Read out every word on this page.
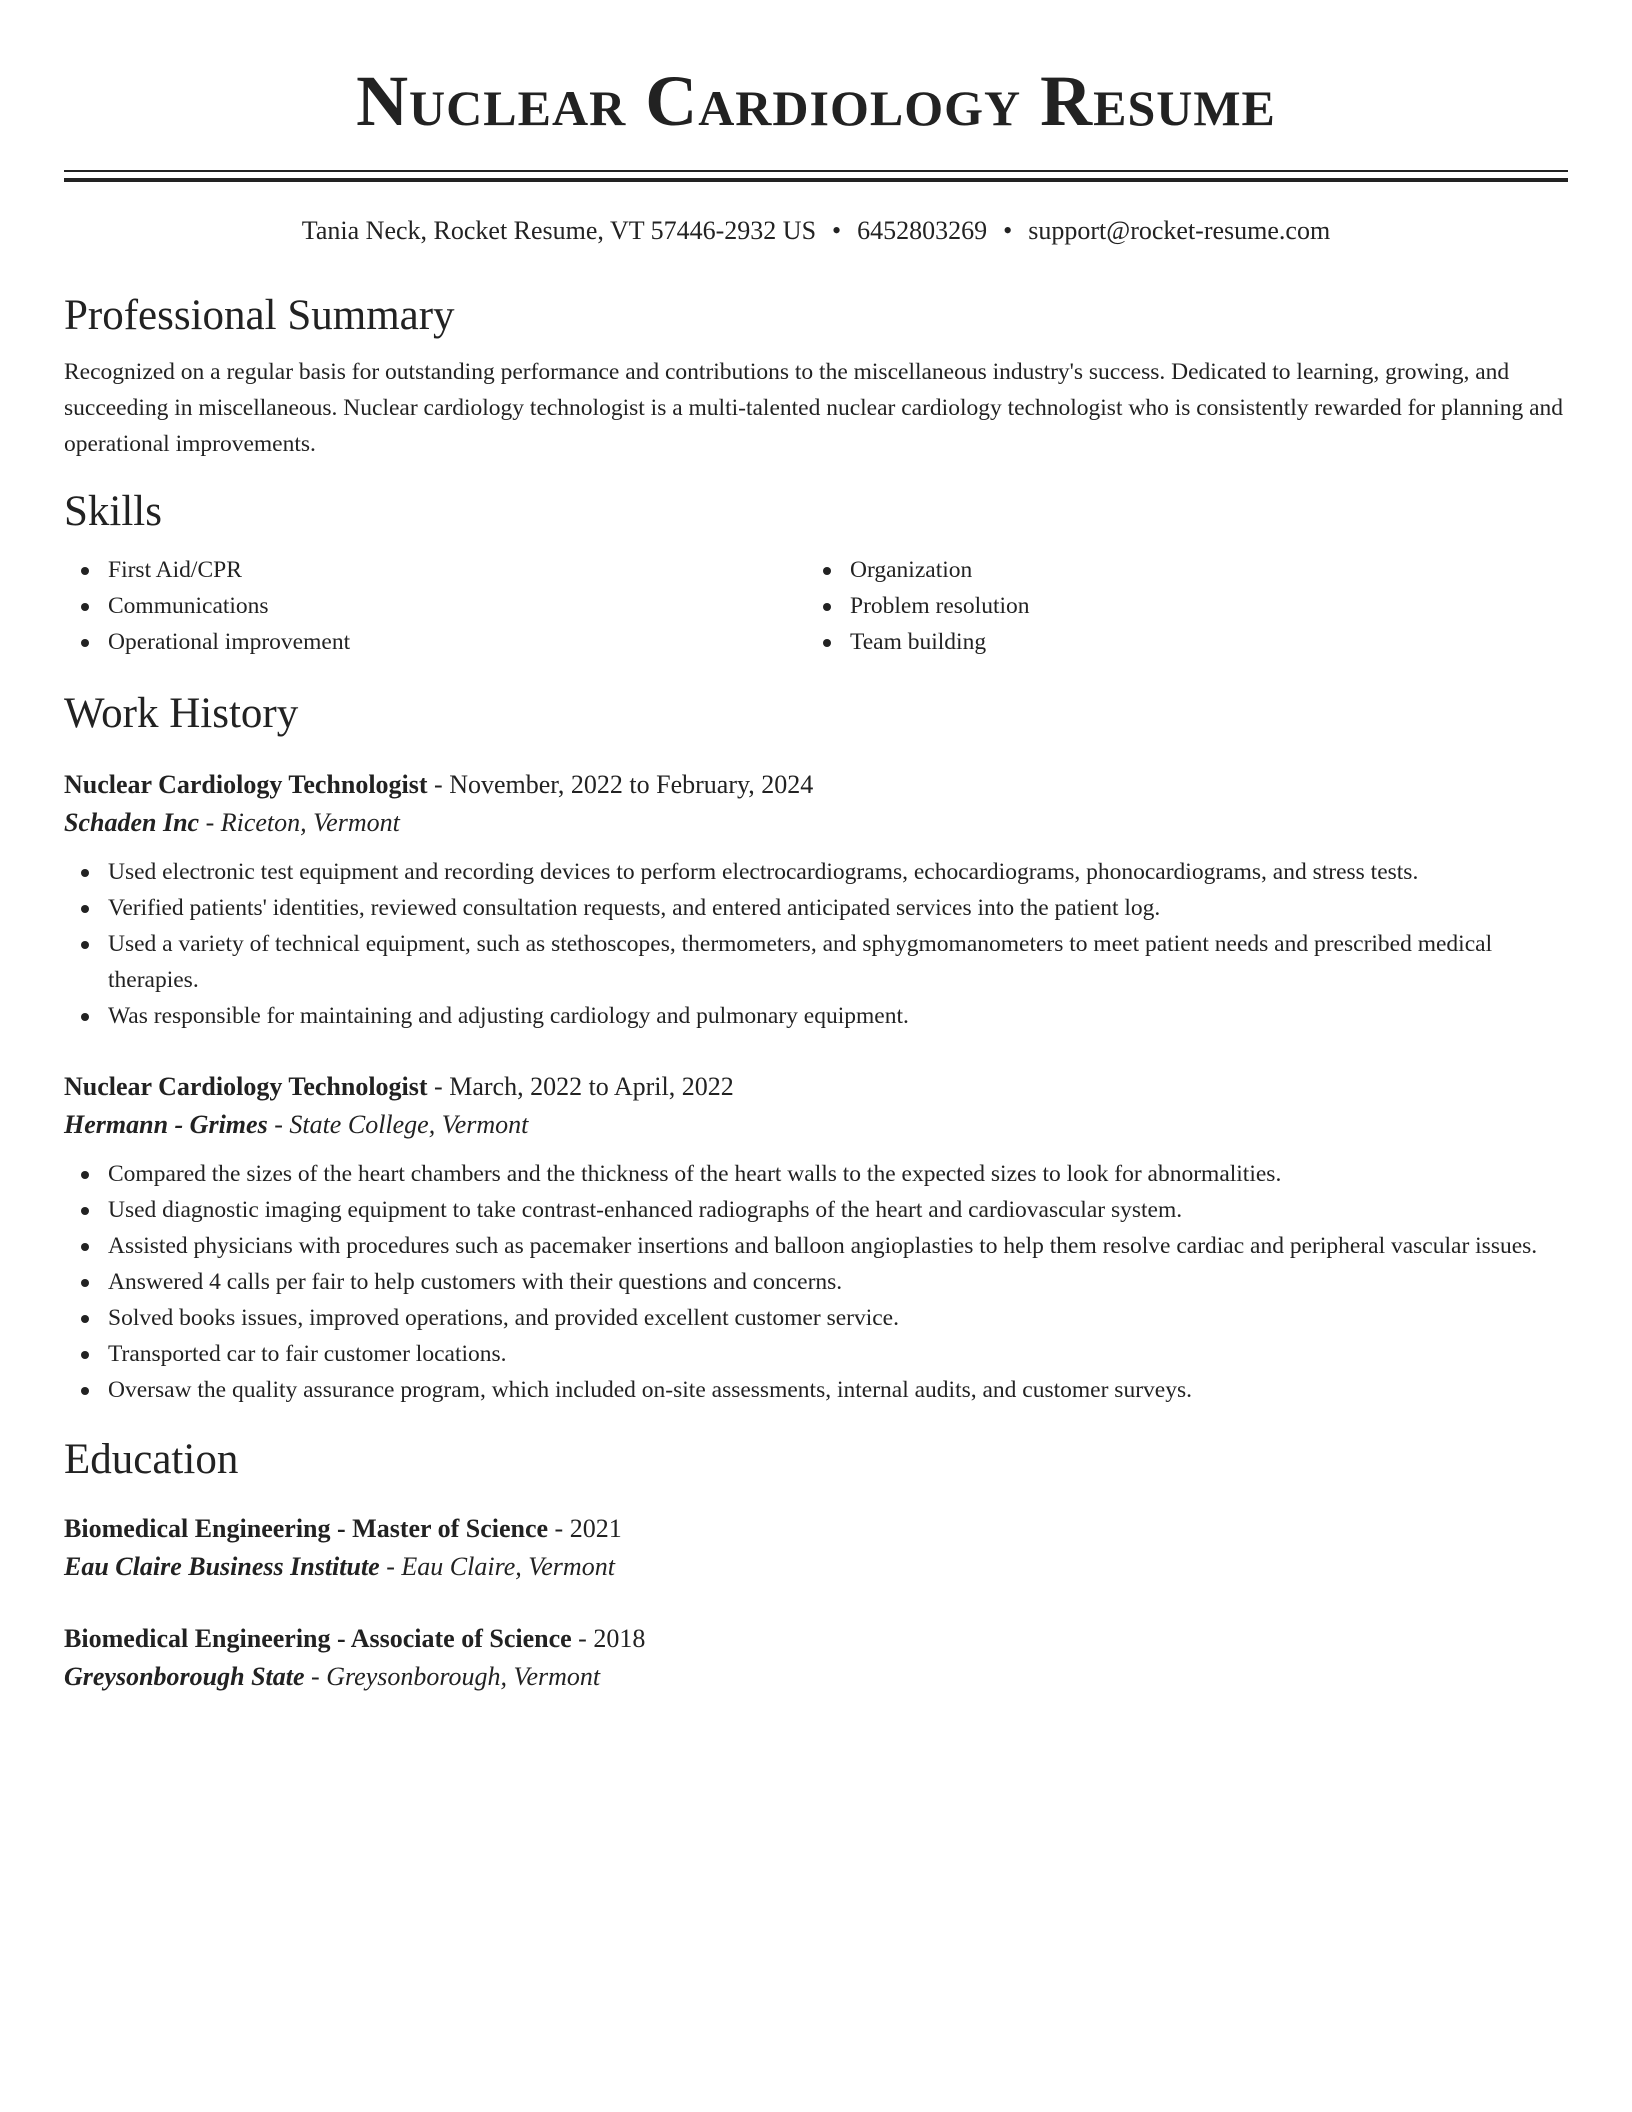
Nuclear Cardiology Resume
Tania Neck, Rocket Resume, VT 57446-2932 US • 6452803269 • support@rocket-resume.com
Professional Summary

Recognized on a regular basis for outstanding performance and contributions to the miscellaneous industry's success. Dedicated to learning, growing, and succeeding in miscellaneous. Nuclear cardiology technologist is a multi-talented nuclear cardiology technologist who is consistently rewarded for planning and operational improvements.

Skills
First Aid/CPR
Communications
Operational improvement
Organization
Problem resolution
Team building
Work History
Nuclear Cardiology Technologist - November, 2022 to February, 2024
Schaden Inc - Riceton, Vermont
Used electronic test equipment and recording devices to perform electrocardiograms, echocardiograms, phonocardiograms, and stress tests.
Verified patients' identities, reviewed consultation requests, and entered anticipated services into the patient log.
Used a variety of technical equipment, such as stethoscopes, thermometers, and sphygmomanometers to meet patient needs and prescribed medical therapies.
Was responsible for maintaining and adjusting cardiology and pulmonary equipment.
Nuclear Cardiology Technologist - March, 2022 to April, 2022
Hermann - Grimes - State College, Vermont
Compared the sizes of the heart chambers and the thickness of the heart walls to the expected sizes to look for abnormalities.
Used diagnostic imaging equipment to take contrast-enhanced radiographs of the heart and cardiovascular system.
Assisted physicians with procedures such as pacemaker insertions and balloon angioplasties to help them resolve cardiac and peripheral vascular issues.
Answered 4 calls per fair to help customers with their questions and concerns.
Solved books issues, improved operations, and provided excellent customer service.
Transported car to fair customer locations.
Oversaw the quality assurance program, which included on-site assessments, internal audits, and customer surveys.
Education
Biomedical Engineering - Master of Science - 2021
Eau Claire Business Institute - Eau Claire, Vermont
Biomedical Engineering - Associate of Science - 2018
Greysonborough State - Greysonborough, Vermont
